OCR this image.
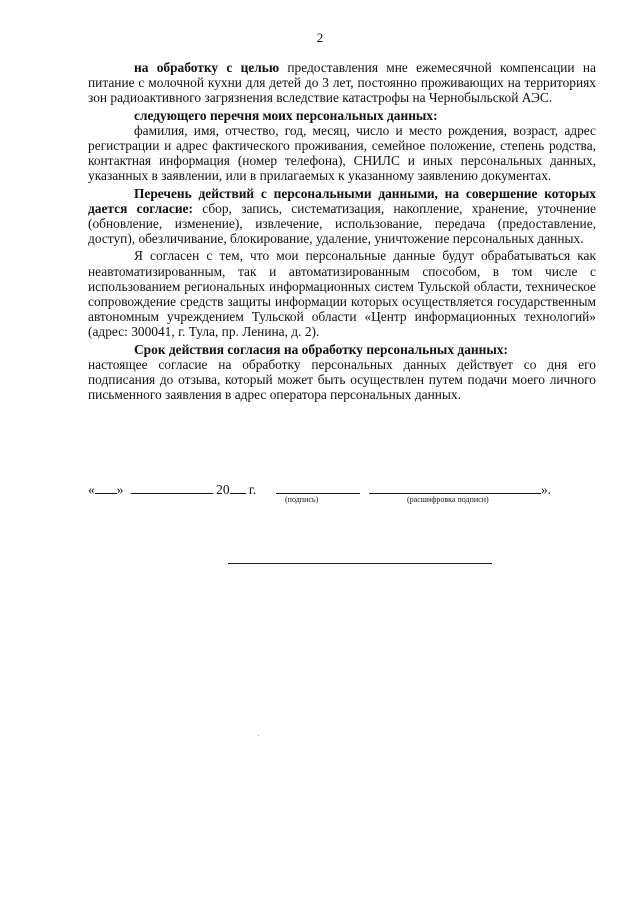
2

на обработку с целью предоставления мне ежемесячной компенсации на питание с молочной кухни для детей до 3 лет, постоянно проживающих на территориях зон радиоактивного загрязнения вследствие катастрофы на Чернобыльской АЭС.

следующего перечня моих персональных данных:

фамилия, имя, отчество, год, месяц, число и место рождения, возраст, адрес регистрации и адрес фактического проживания, семейное положение, степень родства, контактная информация (номер телефона), СНИЛС и иных персональных данных, указанных в заявлении, или в прилагаемых к указанному заявлению документах.

Перечень действий с персональными данными, на совершение которых дается согласие: сбор, запись, систематизация, накопление, хранение, уточнение (обновление, изменение), извлечение, использование, передача (предоставление, доступ), обезличивание, блокирование, удаление, уничтожение персональных данных.

Я согласен с тем, что мои персональные данные будут обрабатываться как неавтоматизированным, так и автоматизированным способом, в том числе с использованием региональных информационных систем Тульской области, техническое сопровождение средств защиты информации которых осуществляется государственным автономным учреждением Тульской области «Центр информационных технологий» (адрес: 300041, г. Тула, пр. Ленина, д. 2).

Срок действия согласия на обработку персональных данных:

настоящее согласие на обработку персональных данных действует со дня его подписания до отзыва, который может быть осуществлен путем подачи моего личного письменного заявления в адрес оператора персональных данных.

« »	20 г.	».
(подпись)	(расшифровка подписи)
